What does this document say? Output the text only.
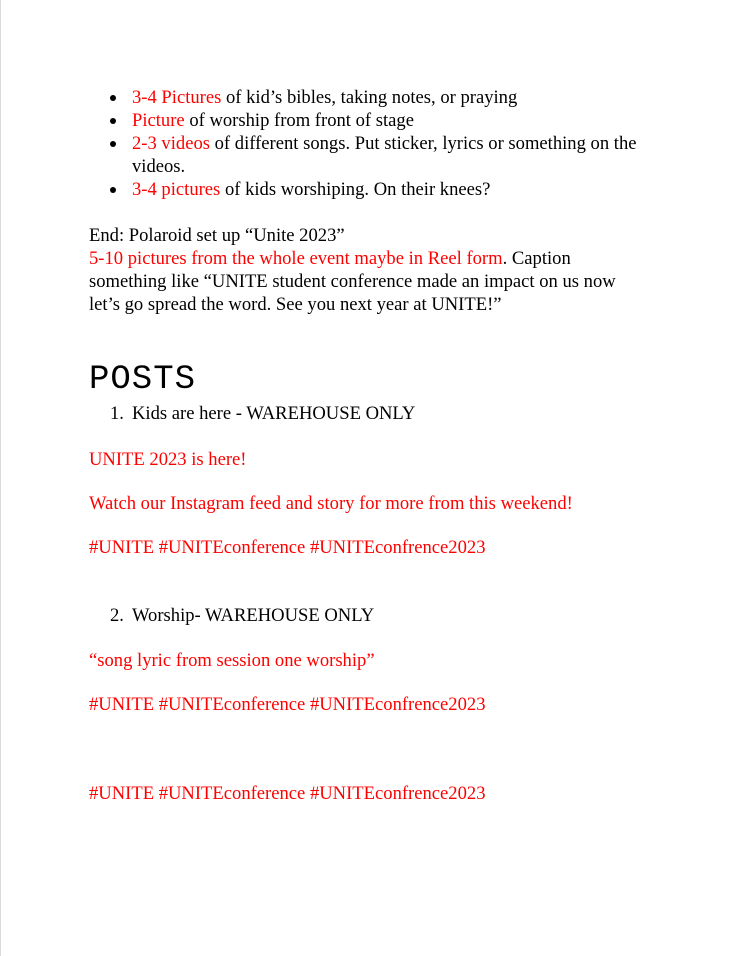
3-4 Pictures of kid’s bibles, taking notes, or praying
Picture of worship from front of stage
2-3 videos of different songs. Put sticker, lyrics or something on the videos.
3-4 pictures of kids worshiping. On their knees?
End: Polaroid set up “Unite 2023”
5-10 pictures from the whole event maybe in Reel form. Caption something like “UNITE student conference made an impact on us now let’s go spread the word. See you next year at UNITE!”
POSTS
1. Kids are here - WAREHOUSE ONLY
UNITE 2023 is here!
Watch our Instagram feed and story for more from this weekend!
#UNITE #UNITEconference #UNITEconfrence2023
2. Worship- WAREHOUSE ONLY
“song lyric from session one worship”
#UNITE #UNITEconference #UNITEconfrence2023
#UNITE #UNITEconference #UNITEconfrence2023
